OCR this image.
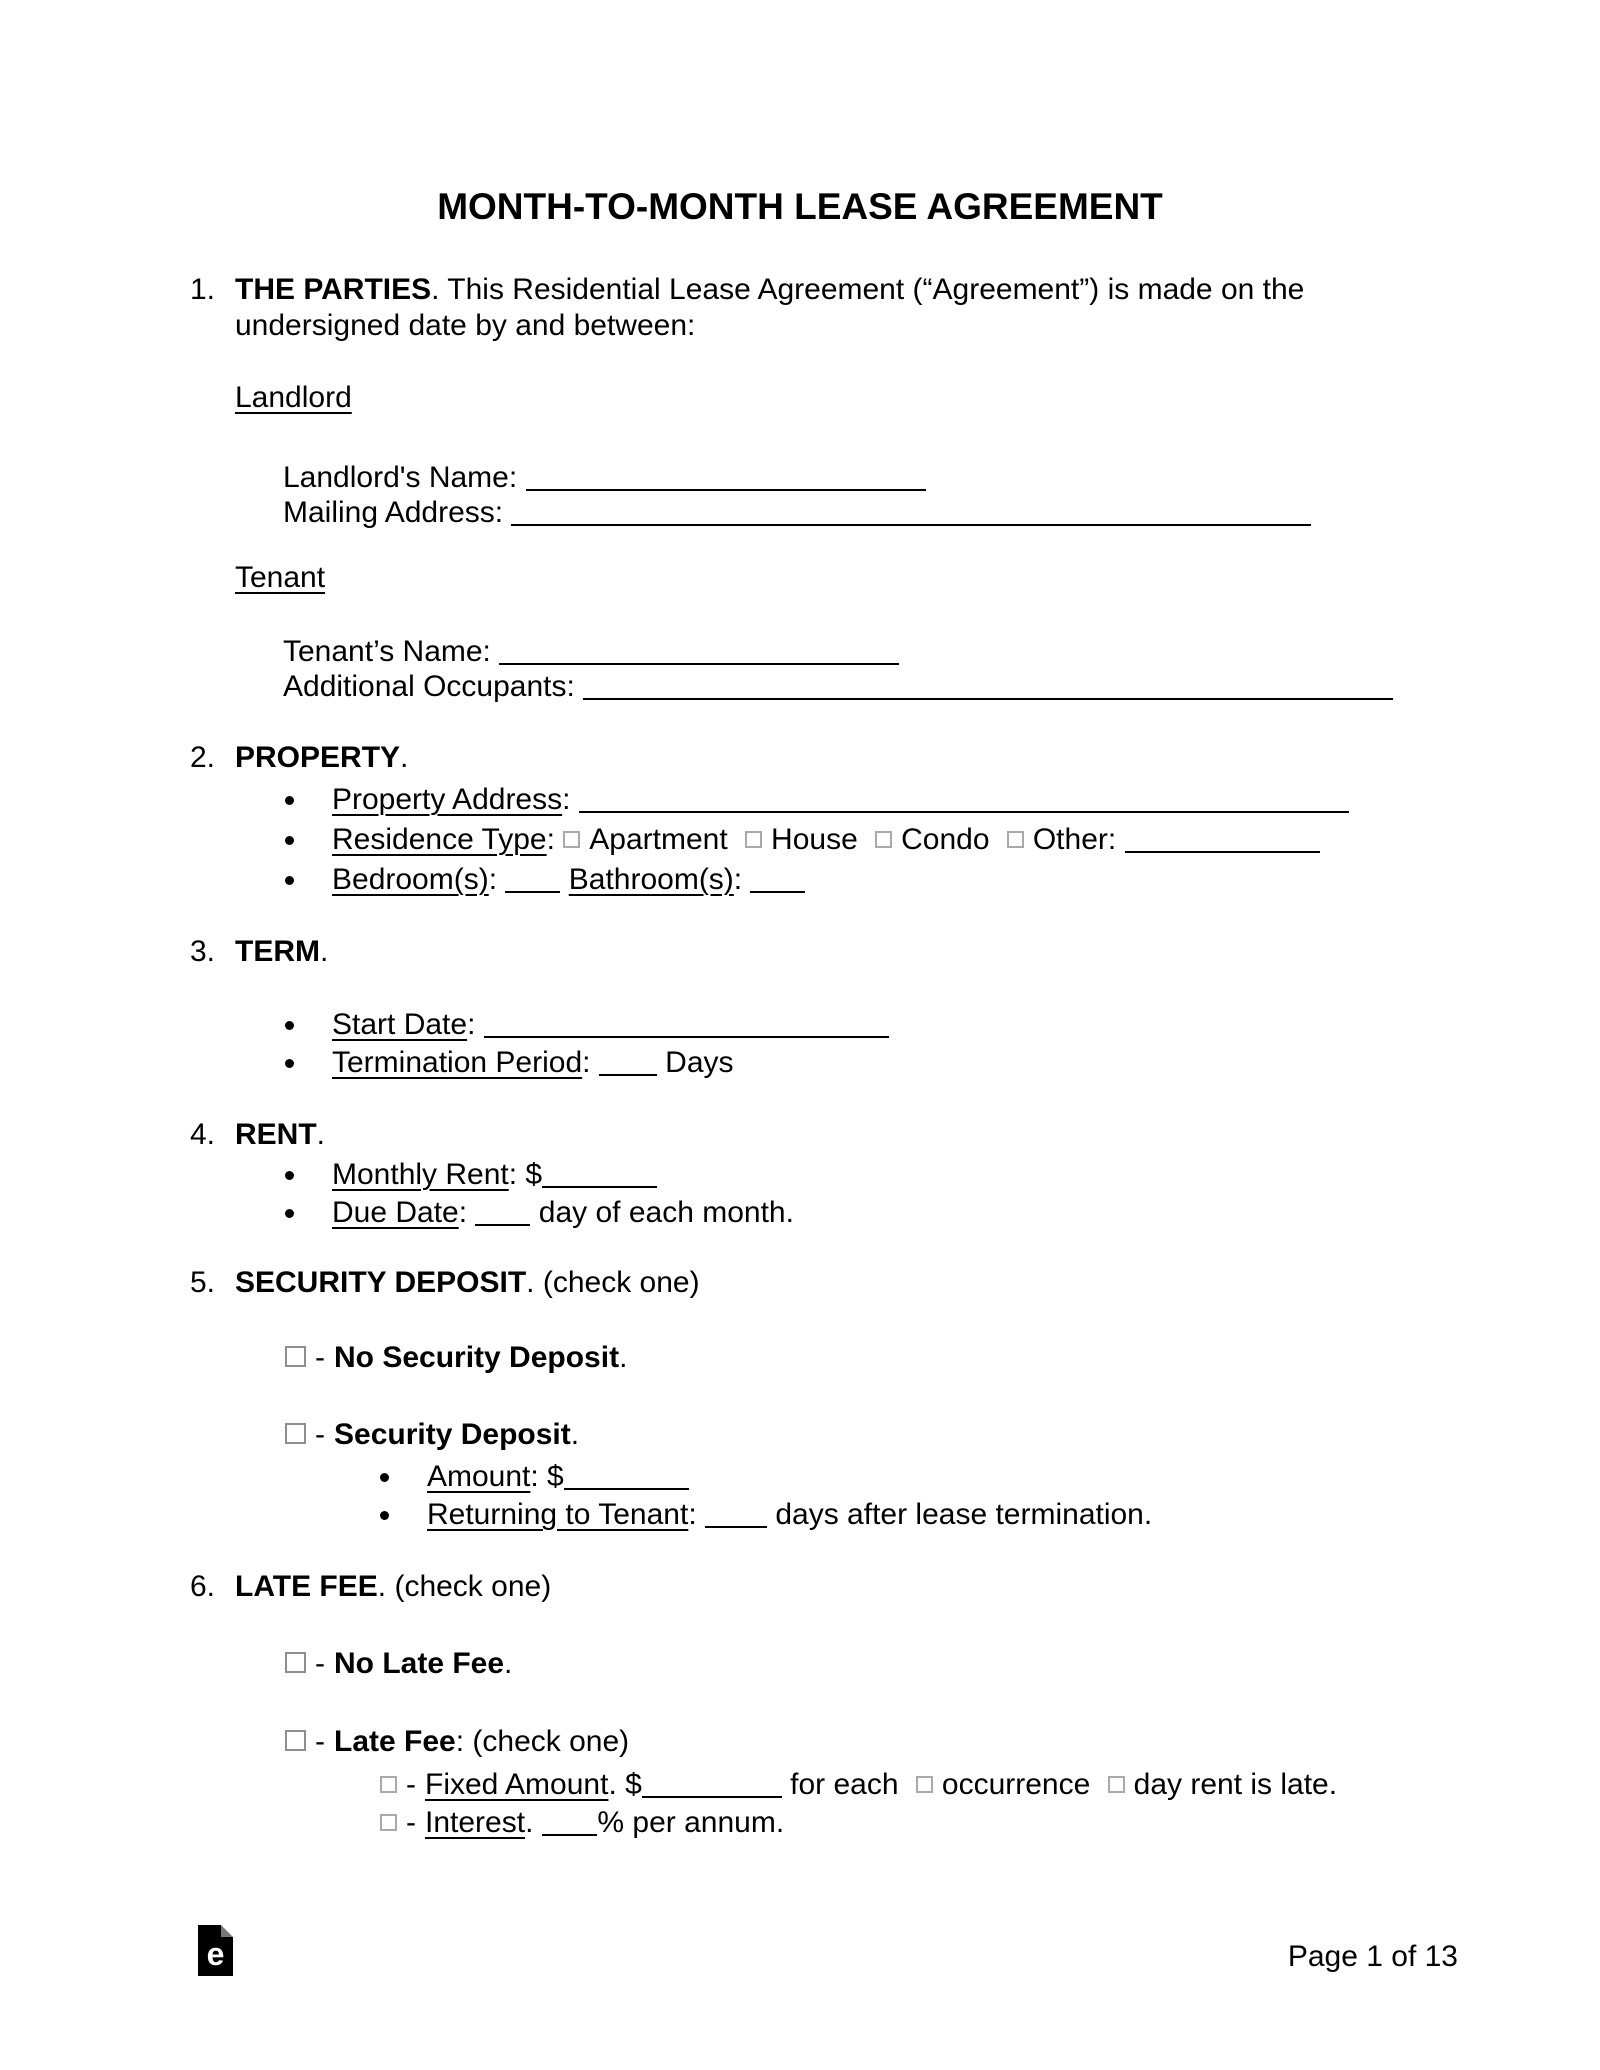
MONTH-TO-MONTH LEASE AGREEMENT
1. THE PARTIES. This Residential Lease Agreement (“Agreement”) is made on the
undersigned date by and between:
Landlord
Landlord's Name:
Mailing Address:
Tenant
Tenant’s Name:
Additional Occupants:
2. PROPERTY.
Property Address:
Residence Type: Apartment House Condo Other:
Bedroom(s): Bathroom(s):
3. TERM.
Start Date:
Termination Period: Days
4. RENT.
Monthly Rent: $
Due Date: day of each month.
5. SECURITY DEPOSIT. (check one)
- No Security Deposit.
- Security Deposit.
Amount: $
Returning to Tenant:	days after lease termination.
6. LATE FEE. (check one)
- No Late Fee.
- Late Fee: (check one)
- Fixed Amount. $	for each occurrence day rent is late.
- Interest. % per annum.
e	Page 1 of 13
